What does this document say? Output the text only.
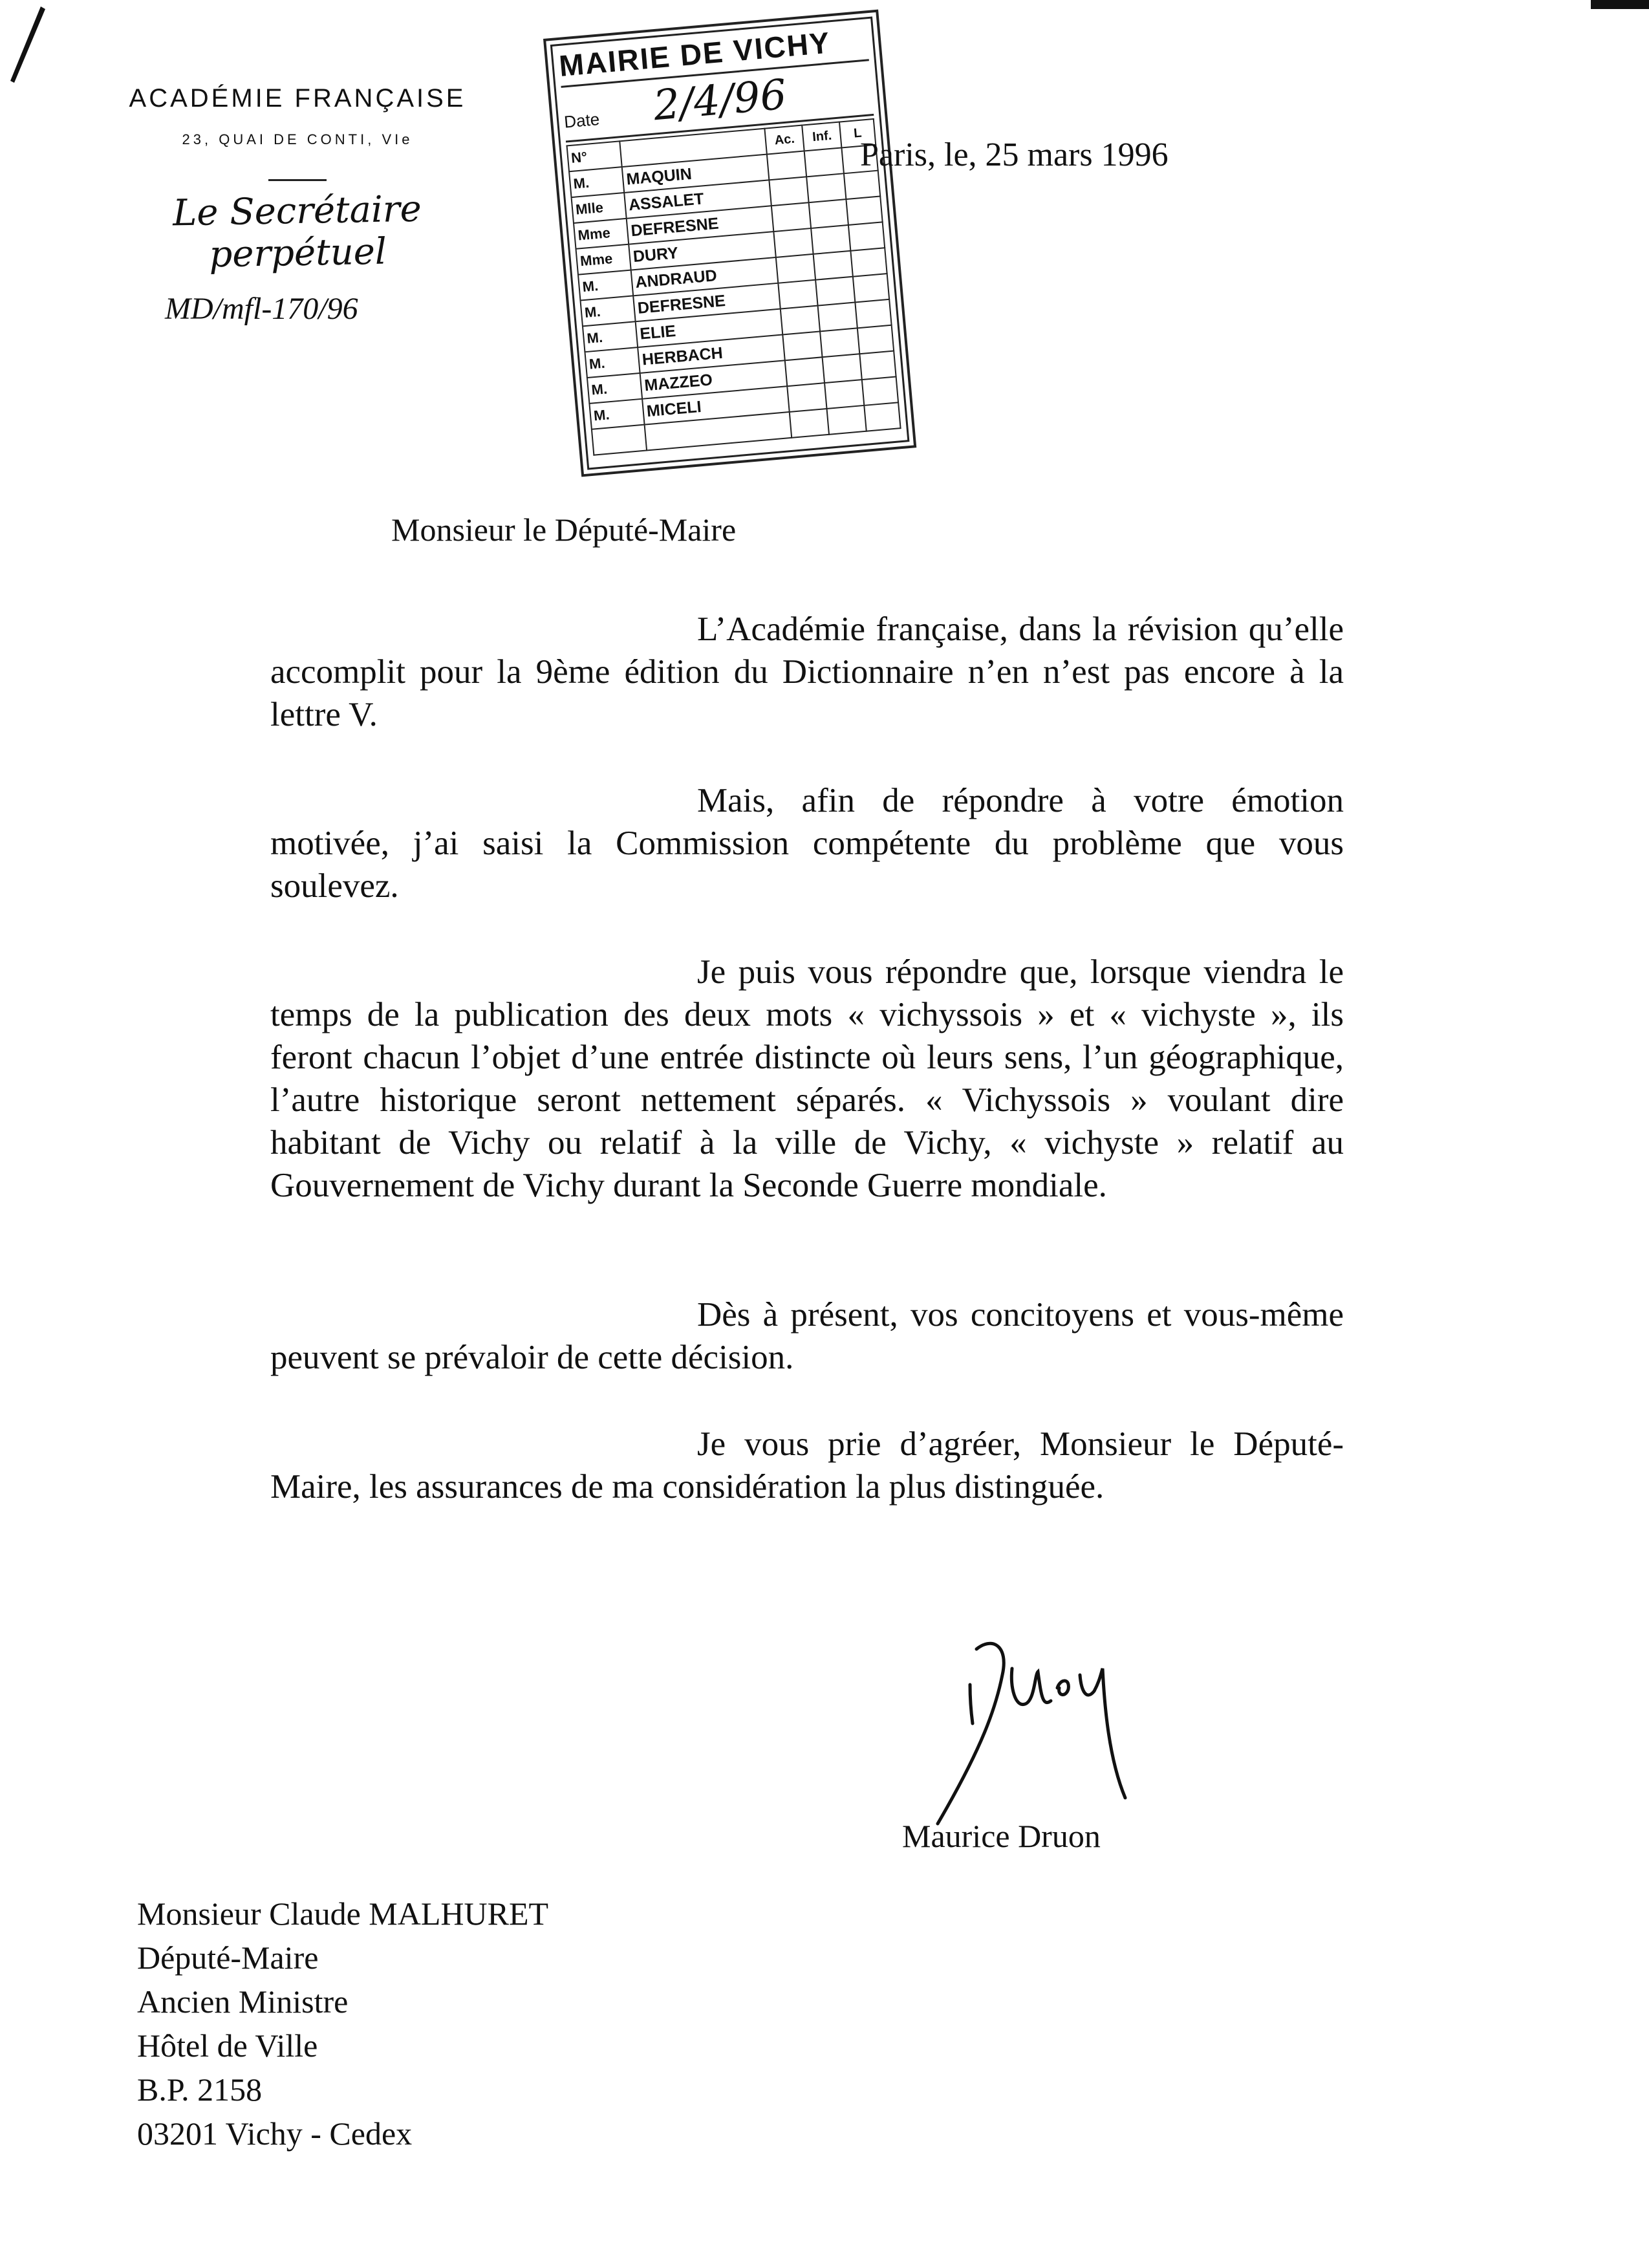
ACADÉMIE FRANÇAISE
23, QUAI DE CONTI, VIe
Le Secrétaire perpétuel
MD/mfl-170/96
MAIRIE DE VICHY
Date	2/4/96
N°		Ac.	Inf.	L
M.	MAQUIN			
Mlle	ASSALET			
Mme	DEFRESNE			
Mme	DURY			
M.	ANDRAUD			
M.	DEFRESNE			
M.	ELIE			
M.	HERBACH			
M.	MAZZEO			
M.	MICELI			

Paris, le, 25 mars 1996
Monsieur le Député-Maire
L’Académie française, dans la révision qu’elle accomplit pour la 9ème édition du Dictionnaire n’en n’est pas encore à la lettre V.
Mais, afin de répondre à votre émotion motivée, j’ai saisi la Commission compétente du problème que vous soulevez.
Je puis vous répondre que, lorsque viendra le temps de la publication des deux mots « vichyssois » et « vichyste », ils feront chacun l’objet d’une entrée distincte où leurs sens, l’un géographique, l’autre historique seront nettement séparés. « Vichyssois » voulant dire habitant de Vichy ou relatif à la ville de Vichy, « vichyste » relatif au Gouvernement de Vichy durant la Seconde Guerre mondiale.
Dès à présent, vos concitoyens et vous-même peuvent se prévaloir de cette décision.
Je vous prie d’agréer, Monsieur le Député-Maire, les assurances de ma considération la plus distinguée.
Maurice Druon
Monsieur Claude MALHURET
Député-Maire
Ancien Ministre
Hôtel de Ville
B.P. 2158
03201 Vichy - Cedex
